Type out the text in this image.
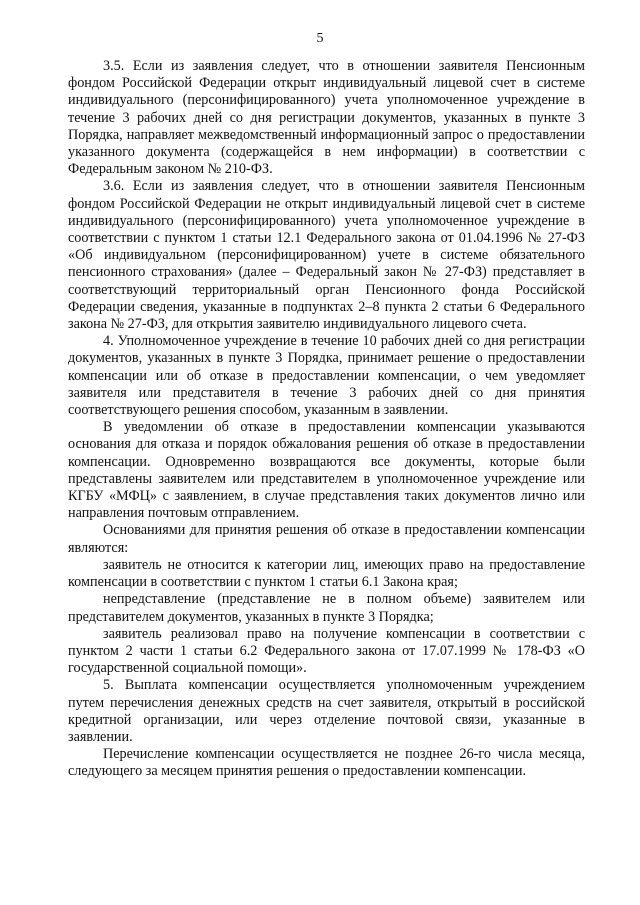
5

3.5. Если из заявления следует, что в отношении заявителя Пенсионным фондом Российской Федерации открыт индивидуальный лицевой счет в системе индивидуального (персонифицированного) учета уполномоченное учреждение в течение 3 рабочих дней со дня регистрации документов, указанных в пункте 3 Порядка, направляет межведомственный информационный запрос о предоставлении указанного документа (содержащейся в нем информации) в соответствии с Федеральным законом № 210-ФЗ.

3.6. Если из заявления следует, что в отношении заявителя Пенсионным фондом Российской Федерации не открыт индивидуальный лицевой счет в системе индивидуального (персонифицированного) учета уполномоченное учреждение в соответствии с пунктом 1 статьи 12.1 Федерального закона от 01.04.1996 № 27-ФЗ «Об индивидуальном (персонифицированном) учете в системе обязательного пенсионного страхования» (далее – Федеральный закон № 27-ФЗ) представляет в соответствующий территориальный орган Пенсионного фонда Российской Федерации сведения, указанные в подпунктах 2–8 пункта 2 статьи 6 Федерального закона № 27-ФЗ, для открытия заявителю индивидуального лицевого счета.

4. Уполномоченное учреждение в течение 10 рабочих дней со дня регистрации документов, указанных в пункте 3 Порядка, принимает решение о предоставлении компенсации или об отказе в предоставлении компенсации, о чем уведомляет заявителя или представителя в течение 3 рабочих дней со дня принятия соответствующего решения способом, указанным в заявлении.

В уведомлении об отказе в предоставлении компенсации указываются основания для отказа и порядок обжалования решения об отказе в предоставлении компенсации. Одновременно возвращаются все документы, которые были представлены заявителем или представителем в уполномоченное учреждение или КГБУ «МФЦ» с заявлением, в случае представления таких документов лично или направления почтовым отправлением.

Основаниями для принятия решения об отказе в предоставлении компенсации являются:

заявитель не относится к категории лиц, имеющих право на предоставление компенсации в соответствии с пунктом 1 статьи 6.1 Закона края;

непредставление (представление не в полном объеме) заявителем или представителем документов, указанных в пункте 3 Порядка;

заявитель реализовал право на получение компенсации в соответствии с пунктом 2 части 1 статьи 6.2 Федерального закона от 17.07.1999 № 178-ФЗ «О государственной социальной помощи».

5. Выплата компенсации осуществляется уполномоченным учреждением путем перечисления денежных средств на счет заявителя, открытый в российской кредитной организации, или через отделение почтовой связи, указанные в заявлении.

Перечисление компенсации осуществляется не позднее 26-го числа месяца, следующего за месяцем принятия решения о предоставлении компенсации.
